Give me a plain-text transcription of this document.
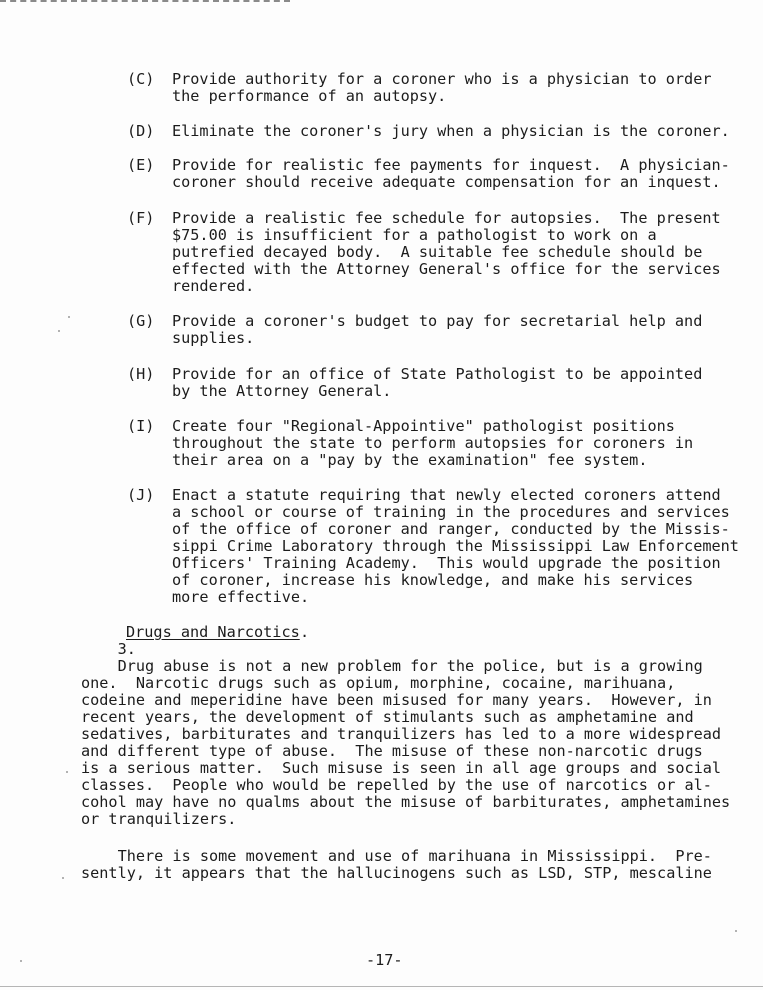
(C) Provide authority for a coroner who is a physician to order
the performance of an autopsy.
(D) Eliminate the coroner's jury when a physician is the coroner.
(E) Provide for realistic fee payments for inquest.  A physician-
coroner should receive adequate compensation for an inquest.
(F) Provide a realistic fee schedule for autopsies.  The present
$75.00 is insufficient for a pathologist to work on a
putrefied decayed body.  A suitable fee schedule should be
effected with the Attorney General's office for the services
rendered.
(G) Provide a coroner's budget to pay for secretarial help and
supplies.
(H) Provide for an office of State Pathologist to be appointed
by the Attorney General.
(I) Create four "Regional-Appointive" pathologist positions
throughout the state to perform autopsies for coroners in
their area on a "pay by the examination" fee system.
(J) Enact a statute requiring that newly elected coroners attend
a school or course of training in the procedures and services
of the office of coroner and ranger, conducted by the Missis-
sippi Crime Laboratory through the Mississippi Law Enforcement
Officers' Training Academy.  This would upgrade the position
of coroner, increase his knowledge, and make his services
more effective.

3.

Drugs and Narcotics

.

Drug abuse is not a new problem for the police, but is a growing
one.  Narcotic drugs such as opium, morphine, cocaine, marihuana,
codeine and meperidine have been misused for many years.  However, in
recent years, the development of stimulants such as amphetamine and
sedatives, barbiturates and tranquilizers has led to a more widespread
and different type of abuse.  The misuse of these non-narcotic drugs
is a serious matter.  Such misuse is seen in all age groups and social
classes.  People who would be repelled by the use of narcotics or al-
cohol may have no qualms about the misuse of barbiturates, amphetamines
or tranquilizers.
There is some movement and use of marihuana in Mississippi.  Pre-
sently, it appears that the hallucinogens such as LSD, STP, mescaline
-17-
